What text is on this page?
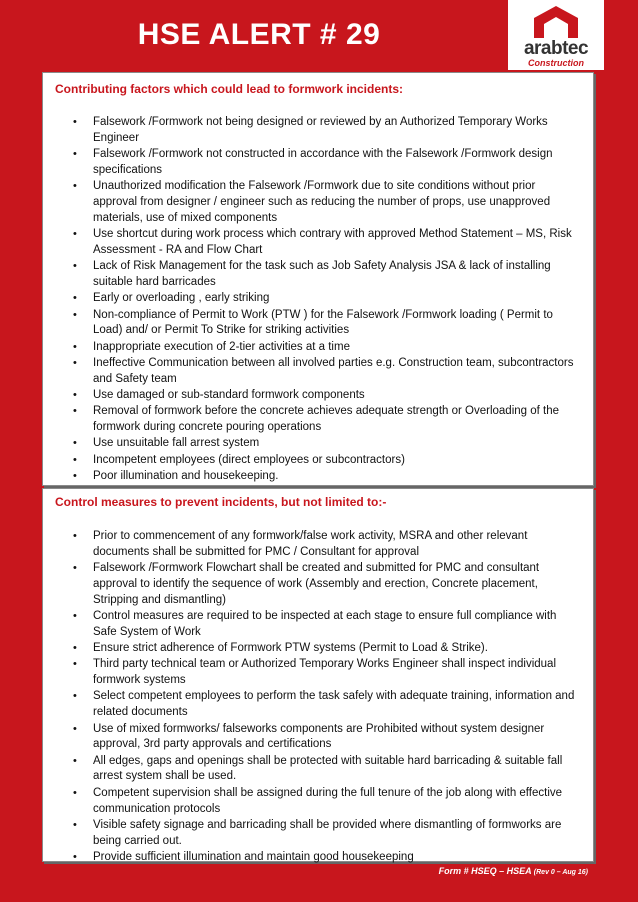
HSE ALERT # 29	arabtec
Construction
Contributing factors which could lead to formwork incidents:
• Falsework /Formwork not being designed or reviewed by an Authorized Temporary Works Engineer
• Falsework /Formwork not constructed in accordance with the Falsework /Formwork design specifications
• Unauthorized modification the Falsework /Formwork due to site conditions without prior approval from designer / engineer such as reducing the number of props, use unapproved materials, use of mixed components
• Use shortcut during work process which contrary with approved Method Statement – MS, Risk Assessment - RA and Flow Chart
• Lack of Risk Management for the task such as Job Safety Analysis JSA & lack of installing suitable hard barricades
• Early or overloading , early striking
• Non-compliance of Permit to Work (PTW ) for the Falsework /Formwork loading ( Permit to Load) and/ or Permit To Strike for striking activities
• Inappropriate execution of 2-tier activities at a time
• Ineffective Communication between all involved parties e.g. Construction team, subcontractors and Safety team
• Use damaged or sub-standard formwork components
• Removal of formwork before the concrete achieves adequate strength or Overloading of the formwork during concrete pouring operations
• Use unsuitable fall arrest system
• Incompetent employees (direct employees or subcontractors)
• Poor illumination and housekeeping.
Control measures to prevent incidents, but not limited to:-
• Prior to commencement of any formwork/false work activity, MSRA and other relevant documents shall be submitted for PMC / Consultant for approval
• Falsework /Formwork Flowchart shall be created and submitted for PMC and consultant approval to identify the sequence of work (Assembly and erection, Concrete placement, Stripping and dismantling)
• Control measures are required to be inspected at each stage to ensure full compliance with Safe System of Work
• Ensure strict adherence of Formwork PTW systems (Permit to Load & Strike).
• Third party technical team or Authorized Temporary Works Engineer shall inspect individual formwork systems
• Select competent employees to perform the task safely with adequate training, information and related documents
• Use of mixed formworks/ falseworks components are Prohibited without system designer approval, 3rd party approvals and certifications
• All edges, gaps and openings shall be protected with suitable hard barricading & suitable fall arrest system shall be used.
• Competent supervision shall be assigned during the full tenure of the job along with effective communication protocols
• Visible safety signage and barricading shall be provided where dismantling of formworks are being carried out.
• Provide sufficient illumination and maintain good housekeeping
Form # HSEQ – HSEA (Rev 0 – Aug 16)
